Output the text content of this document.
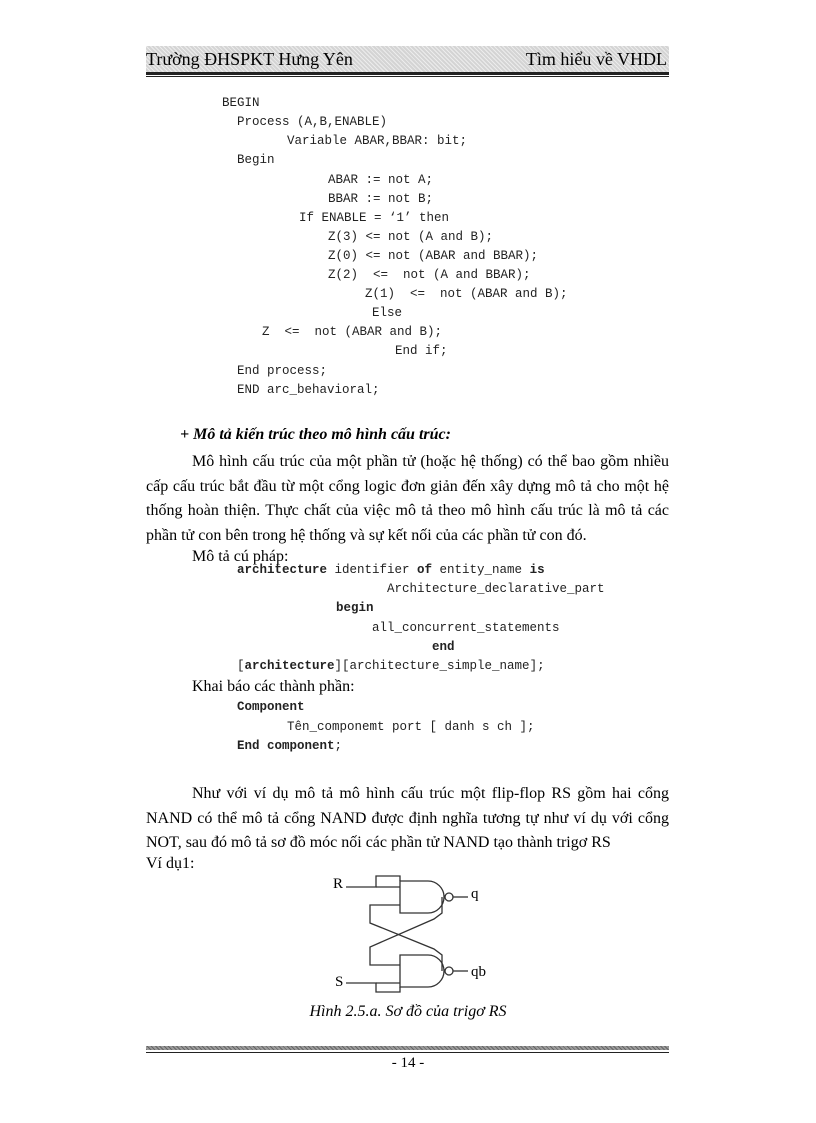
Trường ĐHSPKT Hưng Yên	Tìm hiểu về VHDL
BEGIN
Process (A,B,ENABLE)
Variable ABAR,BBAR: bit;
Begin
ABAR := not A;
BBAR := not B;
If ENABLE = ‘1’ then
Z(3) <= not (A and B);
Z(0) <= not (ABAR and BBAR);
Z(2)  <=  not (A and BBAR);
Z(1)  <=  not (ABAR and B);
Else
Z  <=  not (ABAR and B);
End if;
End process;
END arc_behavioral;
+ Mô tả kiến trúc theo mô hình cấu trúc:

Mô hình cấu trúc của một phần tử (hoặc hệ thống) có thể bao gồm nhiều cấp cấu trúc bắt đầu từ một cổng logic đơn giản đến xây dựng mô tả cho một hệ thống hoàn thiện. Thực chất của việc mô tả theo mô hình cấu trúc là mô tả các phần tử con bên trong hệ thống và sự kết nối của các phần tử con đó.

Mô tả cú pháp:
architecture identifier of entity_name is
Architecture_declarative_part
begin
all_concurrent_statements
end
[architecture][architecture_simple_name];
Khai báo các thành phần:
Component
Tên_componemt port [ danh s ch ];
End component;

Như với ví dụ mô tả mô hình cấu trúc một flip-flop RS gồm hai cổng NAND có thể mô tả cổng NAND được định nghĩa tương tự như ví dụ với cổng NOT, sau đó mô tả sơ đồ móc nối các phần tử NAND tạo thành trigơ RS

Ví dụ1:
R
S
q
qb
Hình 2.5.a. Sơ đồ của trigơ RS
- 14 -
